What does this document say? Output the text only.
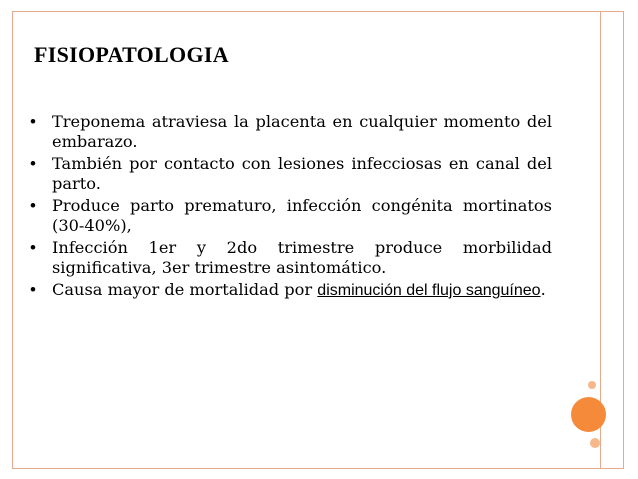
FISIOPATOLOGIA
• Treponema atraviesa la placenta en cualquier momento del embarazo.
• También por contacto con lesiones infecciosas en canal del parto.
• Produce parto prematuro, infección congénita mortinatos (30-40%),
• Infección 1er y 2do trimestre produce morbilidad significativa, 3er trimestre asintomático.
• Causa mayor de mortalidad por disminución del flujo sanguíneo.
